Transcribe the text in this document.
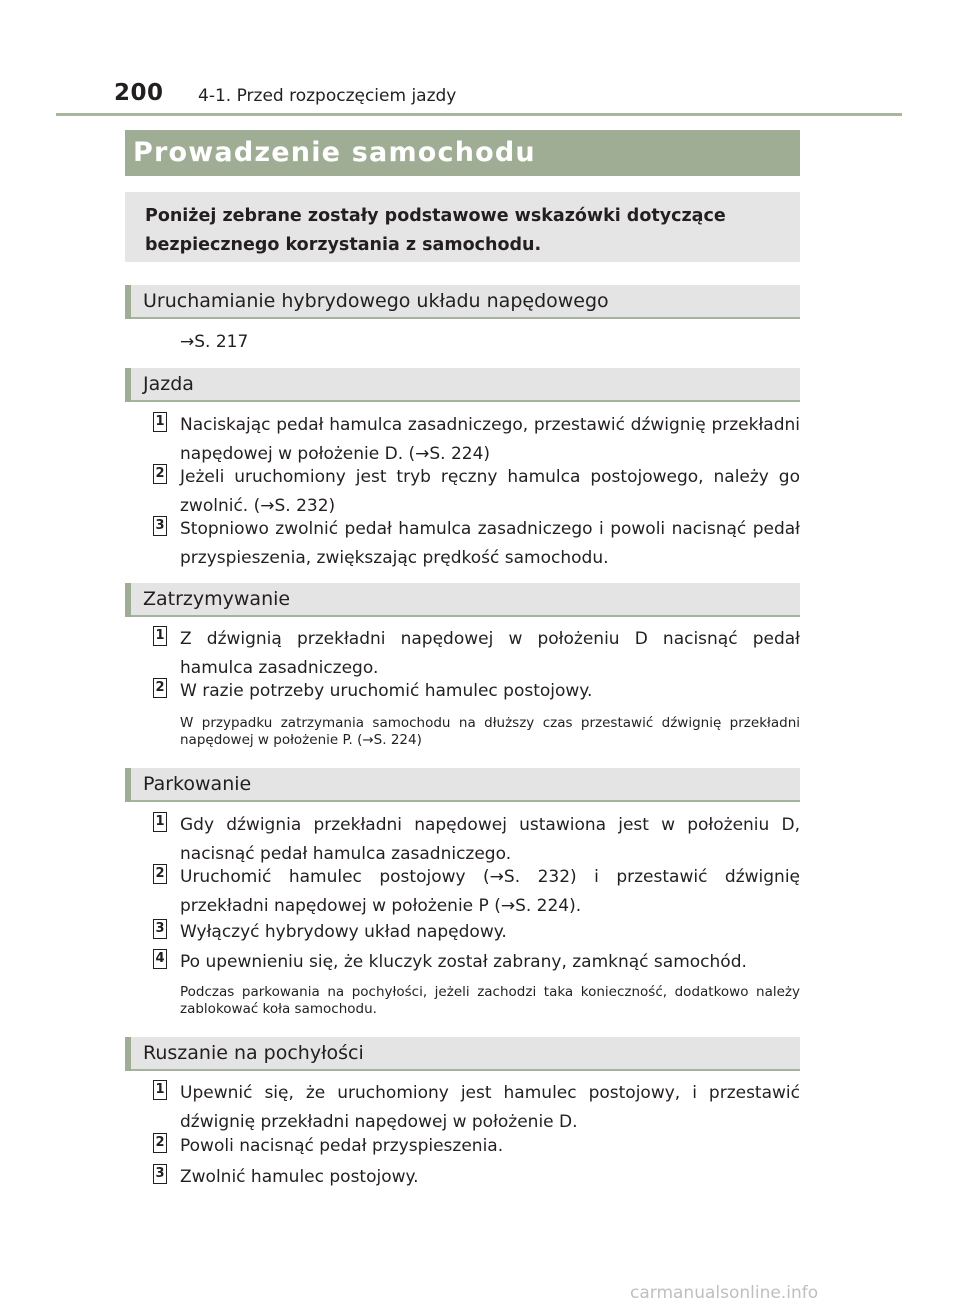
200 4-1. Przed rozpoczęciem jazdy
Prowadzenie samochodu
Poniżej zebrane zostały podstawowe wskazówki dotyczące bezpiecznego korzystania z samochodu.
Uruchamianie hybrydowego układu napędowego
→S. 217
Jazda
1 Naciskając pedał hamulca zasadniczego, przestawić dźwignię przekładni napędowej w położenie D. (→S. 224)
2 Jeżeli uruchomiony jest tryb ręczny hamulca postojowego, należy go zwolnić. (→S. 232)
3 Stopniowo zwolnić pedał hamulca zasadniczego i powoli nacisnąć pedał przyspieszenia, zwiększając prędkość samochodu.
Zatrzymywanie
1 Z dźwignią przekładni napędowej w położeniu D nacisnąć pedał hamulca zasadniczego.
2 W razie potrzeby uruchomić hamulec postojowy.
W przypadku zatrzymania samochodu na dłuższy czas przestawić dźwignię przekładni napędowej w położenie P. (→S. 224)
Parkowanie
1 Gdy dźwignia przekładni napędowej ustawiona jest w położeniu D, nacisnąć pedał hamulca zasadniczego.
2 Uruchomić hamulec postojowy (→S. 232) i przestawić dźwignię przekładni napędowej w położenie P (→S. 224).
3 Wyłączyć hybrydowy układ napędowy.
4 Po upewnieniu się, że kluczyk został zabrany, zamknąć samochód.
Podczas parkowania na pochyłości, jeżeli zachodzi taka konieczność, dodatkowo należy zablokować koła samochodu.
Ruszanie na pochyłości
1 Upewnić się, że uruchomiony jest hamulec postojowy, i przestawić dźwignię przekładni napędowej w położenie D.
2 Powoli nacisnąć pedał przyspieszenia.
3 Zwolnić hamulec postojowy.
carmanualsonline.info
